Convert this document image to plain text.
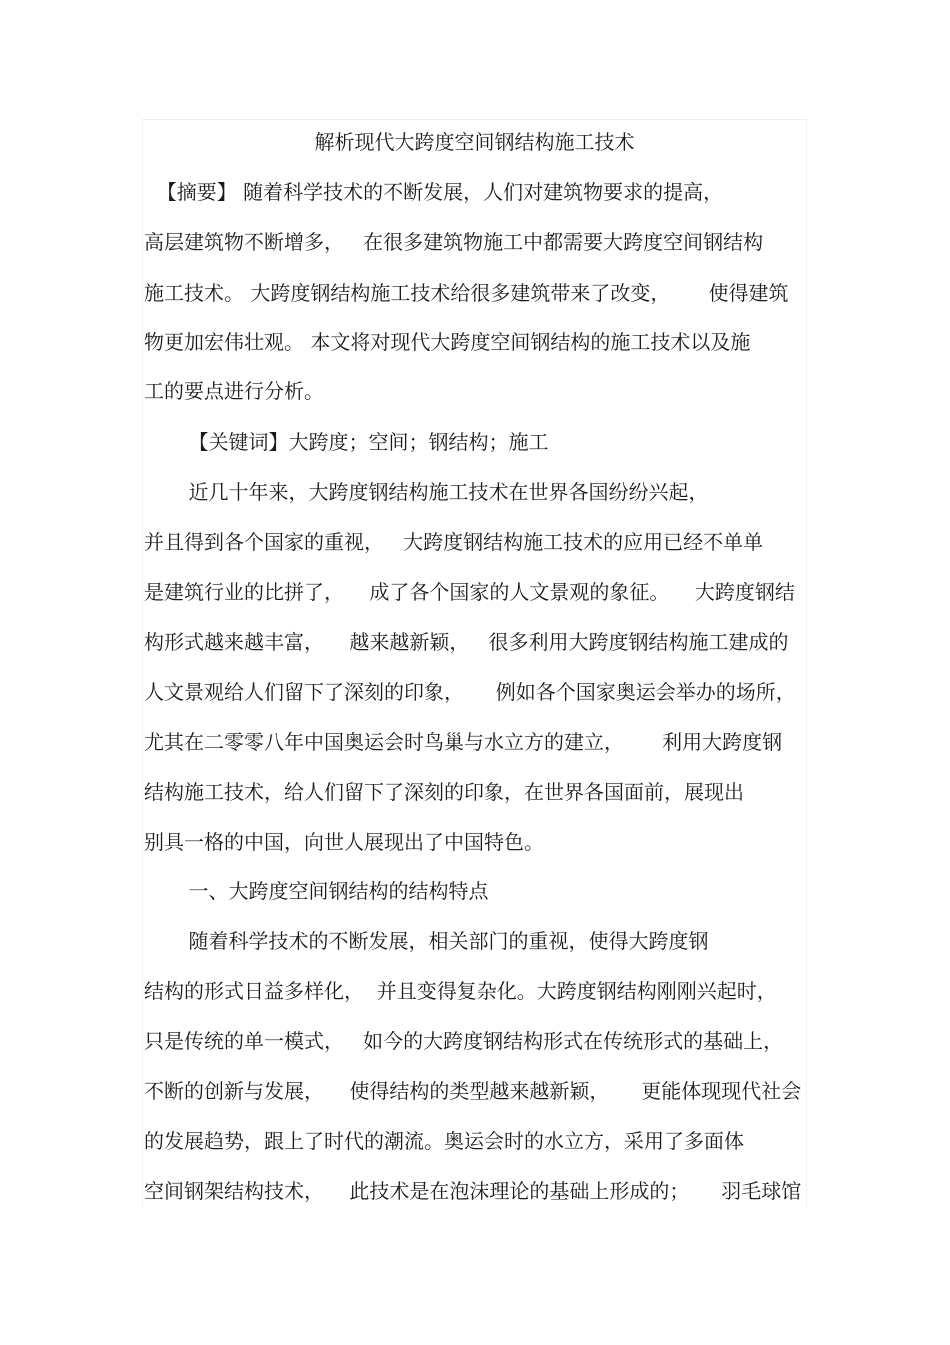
解析现代大跨度空间钢结构施工技术
【摘要】 随着科学技术的不断发展，人们对建筑物要求的提高，
高层建筑物不断增多，   在很多建筑物施工中都需要大跨度空间钢结构
施工技术。 大跨度钢结构施工技术给很多建筑带来了改变，      使得建筑
物更加宏伟壮观。 本文将对现代大跨度空间钢结构的施工技术以及施
工的要点进行分析。
【关键词】大跨度；空间；钢结构；施工
近几十年来，大跨度钢结构施工技术在世界各国纷纷兴起，
并且得到各个国家的重视，   大跨度钢结构施工技术的应用已经不单单
是建筑行业的比拼了，    成了各个国家的人文景观的象征。    大跨度钢结
构形式越来越丰富，    越来越新颖，   很多利用大跨度钢结构施工建成的
人文景观给人们留下了深刻的印象，     例如各个国家奥运会举办的场所，
尤其在二零零八年中国奥运会时鸟巢与水立方的建立，      利用大跨度钢
结构施工技术，给人们留下了深刻的印象，在世界各国面前，展现出
别具一格的中国，向世人展现出了中国特色。
一、大跨度空间钢结构的结构特点
随着科学技术的不断发展，相关部门的重视，使得大跨度钢
结构的形式日益多样化，  并且变得复杂化。大跨度钢结构刚刚兴起时，
只是传统的单一模式，   如今的大跨度钢结构形式在传统形式的基础上，
不断的创新与发展，    使得结构的类型越来越新颖，     更能体现现代社会
的发展趋势，跟上了时代的潮流。奥运会时的水立方，采用了多面体
空间钢架结构技术，    此技术是在泡沫理论的基础上形成的；     羽毛球馆
